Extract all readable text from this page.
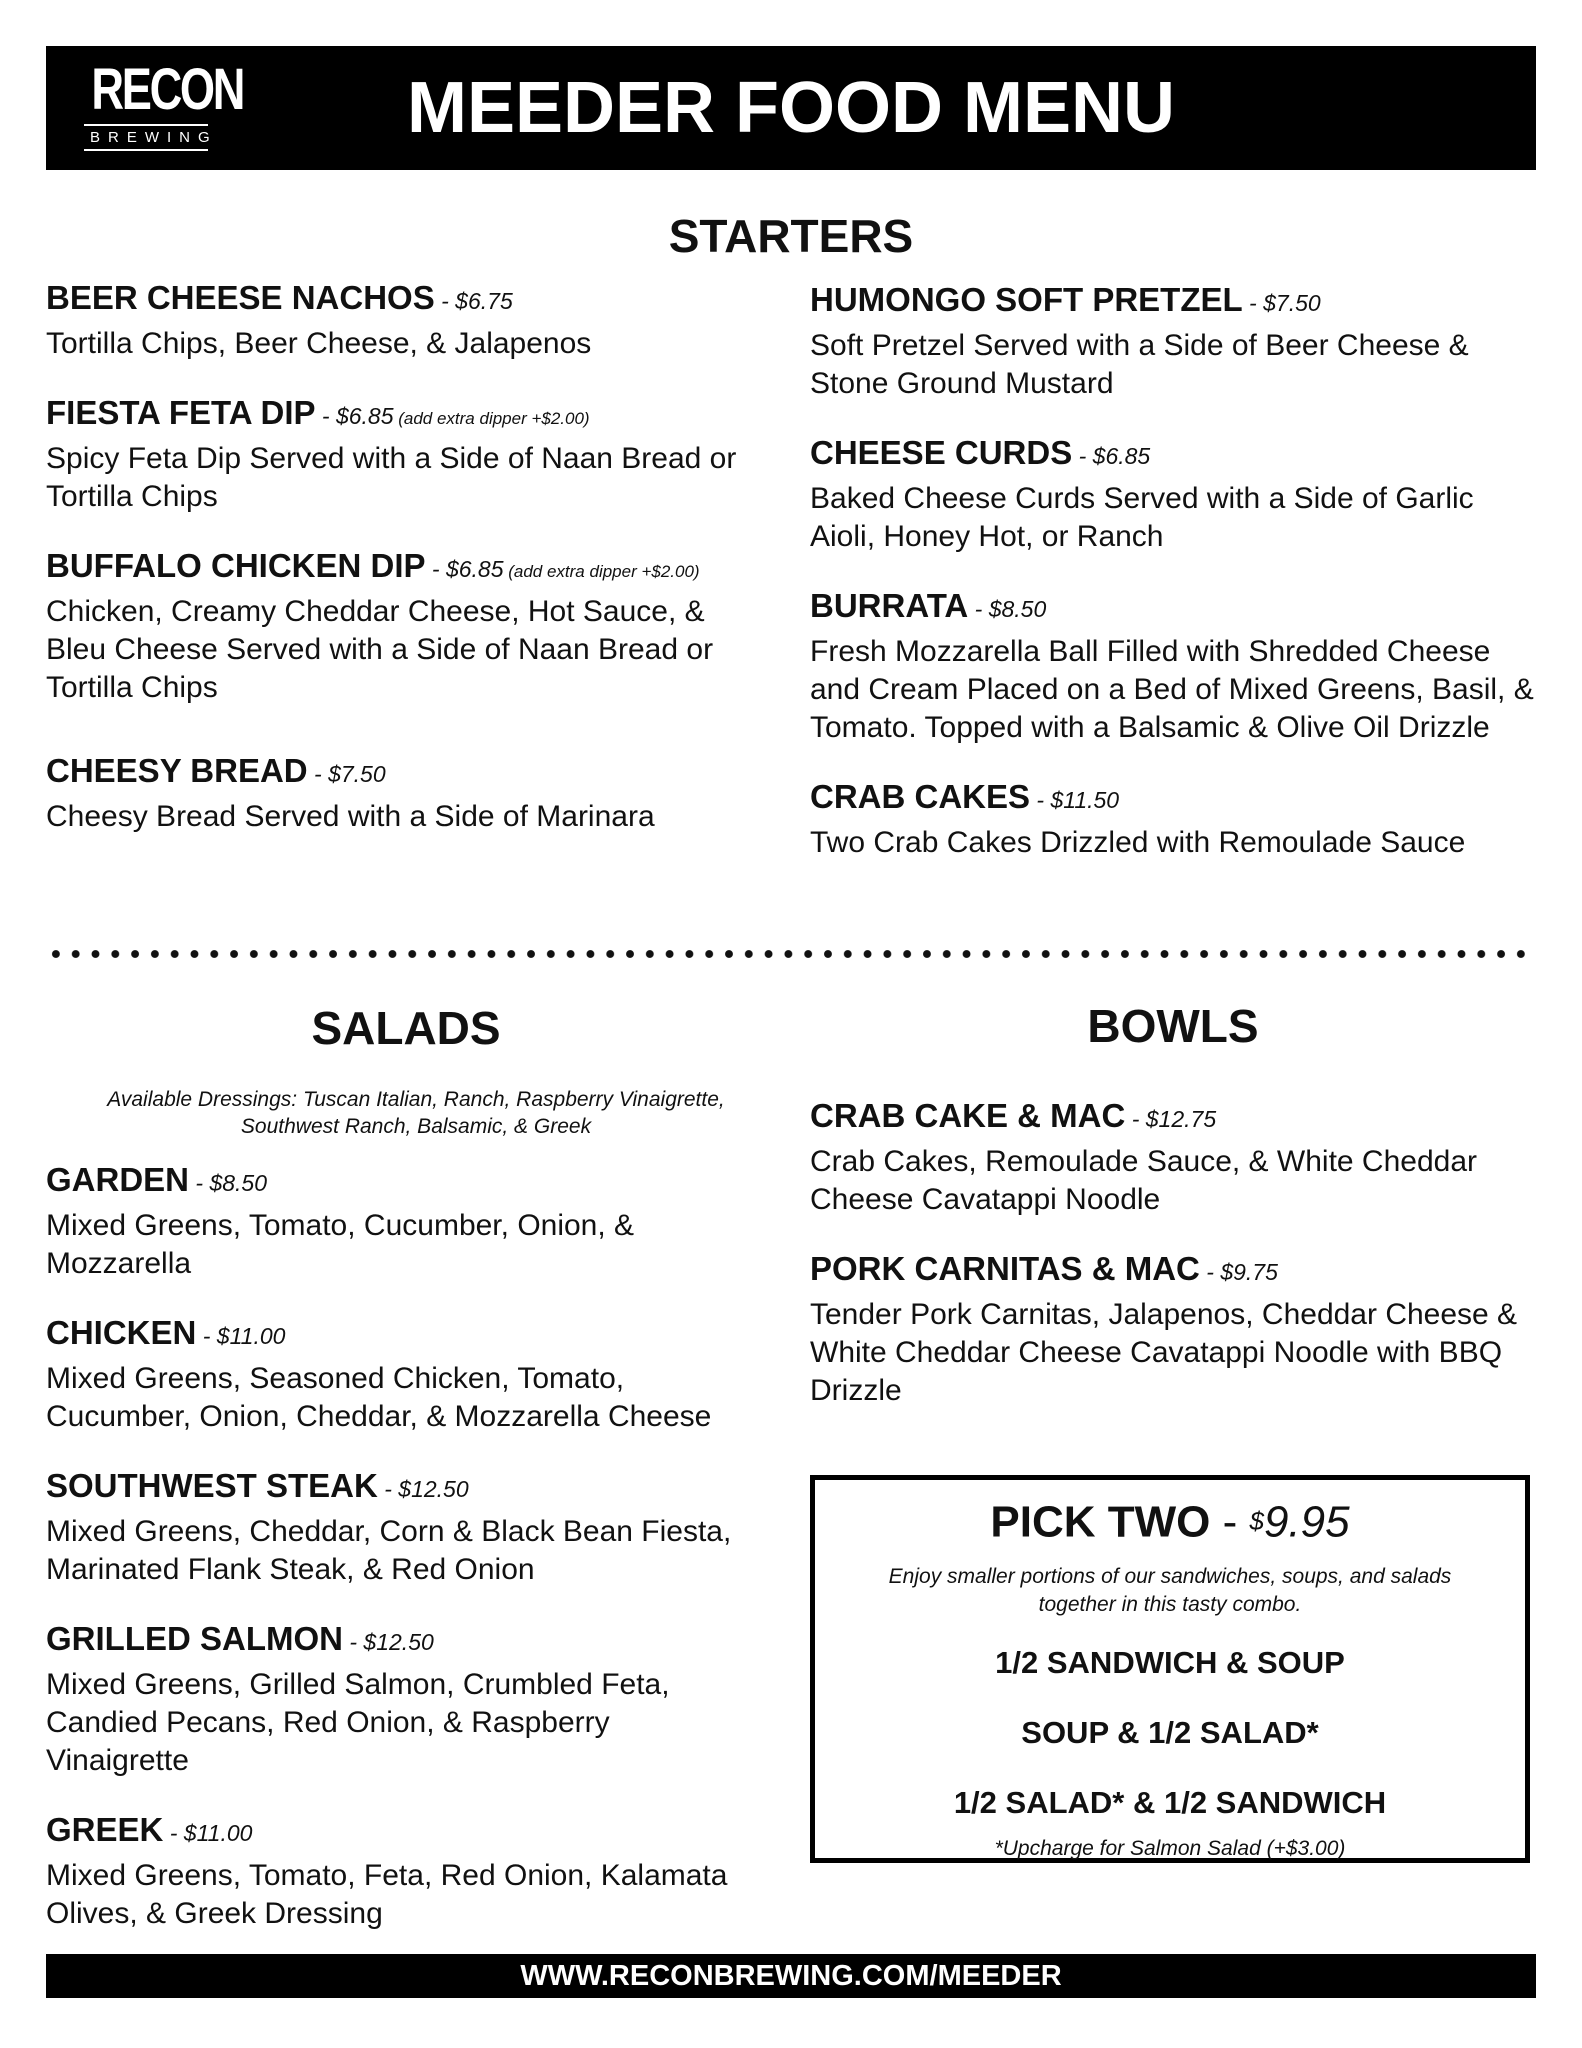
RECON
BREWING	MEEDER FOOD MENU
STARTERS
BEER CHEESE NACHOS - $6.75
Tortilla Chips, Beer Cheese, & Jalapenos
FIESTA FETA DIP - $6.85 (add extra dipper +$2.00)
Spicy Feta Dip Served with a Side of Naan Bread or Tortilla Chips
BUFFALO CHICKEN DIP - $6.85 (add extra dipper +$2.00)
Chicken, Creamy Cheddar Cheese, Hot Sauce, & Bleu Cheese Served with a Side of Naan Bread or Tortilla Chips
CHEESY BREAD - $7.50
Cheesy Bread Served with a Side of Marinara
HUMONGO SOFT PRETZEL - $7.50
Soft Pretzel Served with a Side of Beer Cheese & Stone Ground Mustard
CHEESE CURDS - $6.85
Baked Cheese Curds Served with a Side of Garlic Aioli, Honey Hot, or Ranch
BURRATA - $8.50
Fresh Mozzarella Ball Filled with Shredded Cheese and Cream Placed on a Bed of Mixed Greens, Basil, & Tomato. Topped with a Balsamic & Olive Oil Drizzle
CRAB CAKES - $11.50
Two Crab Cakes Drizzled with Remoulade Sauce
SALADS
Available Dressings: Tuscan Italian, Ranch, Raspberry Vinaigrette, Southwest Ranch, Balsamic, & Greek
GARDEN - $8.50
Mixed Greens, Tomato, Cucumber, Onion, & Mozzarella
CHICKEN - $11.00
Mixed Greens, Seasoned Chicken, Tomato, Cucumber, Onion, Cheddar, & Mozzarella Cheese
SOUTHWEST STEAK - $12.50
Mixed Greens, Cheddar, Corn & Black Bean Fiesta, Marinated Flank Steak, & Red Onion
GRILLED SALMON - $12.50
Mixed Greens, Grilled Salmon, Crumbled Feta, Candied Pecans, Red Onion, & Raspberry Vinaigrette
GREEK - $11.00
Mixed Greens, Tomato, Feta, Red Onion, Kalamata Olives, & Greek Dressing
BOWLS
CRAB CAKE & MAC - $12.75
Crab Cakes, Remoulade Sauce, & White Cheddar Cheese Cavatappi Noodle
PORK CARNITAS & MAC - $9.75
Tender Pork Carnitas, Jalapenos, Cheddar Cheese & White Cheddar Cheese Cavatappi Noodle with BBQ Drizzle
PICK TWO - $9.95
Enjoy smaller portions of our sandwiches, soups, and salads together in this tasty combo.
1/2 SANDWICH & SOUP
SOUP & 1/2 SALAD*
1/2 SALAD* & 1/2 SANDWICH
*Upcharge for Salmon Salad (+$3.00)
WWW.RECONBREWING.COM/MEEDER
